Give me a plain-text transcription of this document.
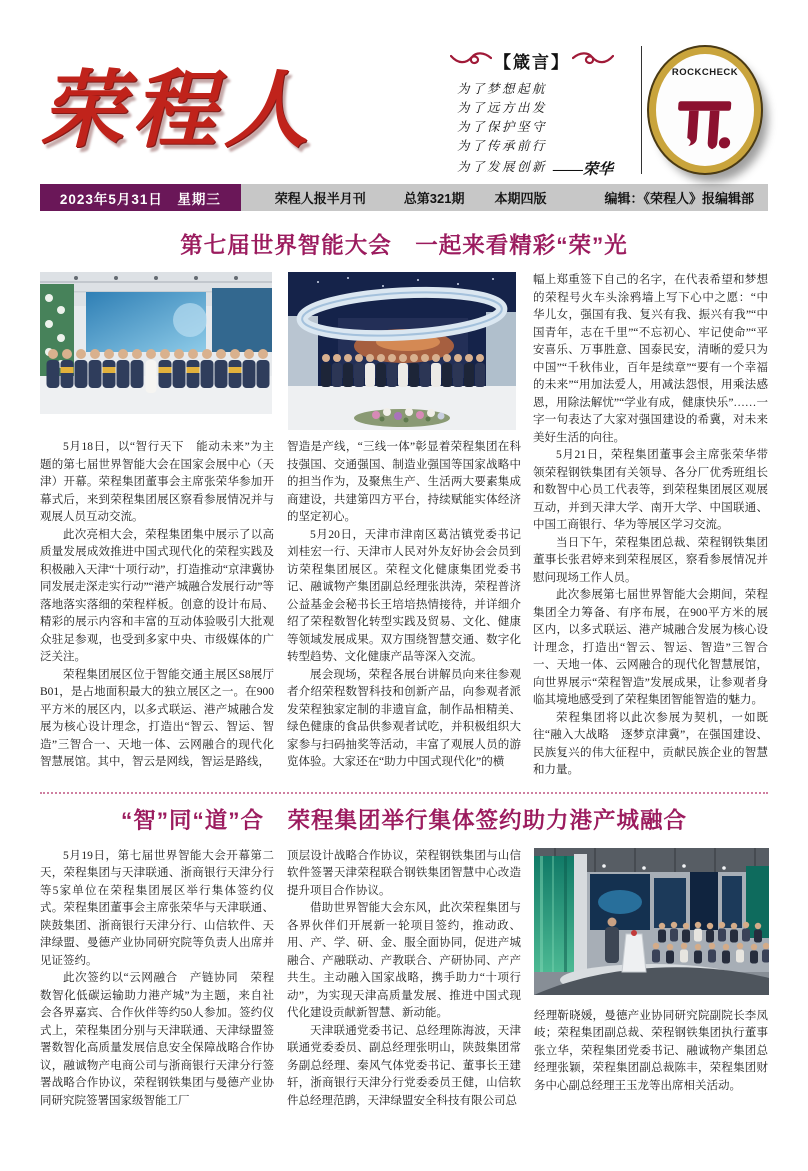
荣程人	【箴言】
为了梦想起航
为了远方出发
为了保护坚守
为了传承前行
为了发展创新 ——荣华
ROCKCHECK
2023年5月31日　星期三	荣程人报半月刊	总第321期 本期四版	编辑：《荣程人》报编辑部
第七届世界智能大会　一起来看精彩“荣”光

5月18日，以“智行天下　能动未来”为主题的第七届世界智能大会在国家会展中心（天津）开幕。荣程集团董事会主席张荣华参加开幕式后，来到荣程集团展区察看参展情况并与观展人员互动交流。

此次亮相大会，荣程集团集中展示了以高质量发展成效推进中国式现代化的荣程实践及积极融入天津“十项行动”，打造推动“京津冀协同发展走深走实行动”“港产城融合发展行动”等落地落实落细的荣程样板。创意的设计布局、精彩的展示内容和丰富的互动体验吸引大批观众驻足参观，也受到多家中央、市级媒体的广泛关注。

荣程集团展区位于智能交通主展区S8展厅B01，是占地面积最大的独立展区之一。在900平方米的展区内，以多式联运、港产城融合发展为核心设计理念，打造出“智云、智运、智造”三智合一、天地一体、云网融合的现代化智慧展馆。其中，智云是网线，智运是路线，

智造是产线，“三线一体”彰显着荣程集团在科技强国、交通强国、制造业强国等国家战略中的担当作为，及聚焦生产、生活两大要素集成商建设，共建第四方平台，持续赋能实体经济的坚定初心。

5月20日，天津市津南区葛沽镇党委书记刘桂宏一行、天津市人民对外友好协会会员到访荣程集团展区。荣程文化健康集团党委书记、融诚物产集团副总经理张洪涛，荣程普济公益基金会秘书长王培培热情接待，并详细介绍了荣程数智化转型实践及贸易、文化、健康等领域发展成果。双方围绕智慧交通、数字化转型趋势、文化健康产品等深入交流。

展会现场，荣程各展台讲解员向来往参观者介绍荣程数智科技和创新产品，向参观者派发荣程独家定制的非遗盲盒，制作品相精美、绿色健康的食品供参观者试吃，并积极组织大家参与扫码抽奖等活动，丰富了观展人员的游览体验。大家还在“助力中国式现代化”的横

幅上郑重签下自己的名字，在代表希望和梦想的荣程号火车头涂鸦墙上写下心中之愿：“中华儿女，强国有我、复兴有我、振兴有我”“中国青年，志在千里”“不忘初心、牢记使命”“平安喜乐、万事胜意、国泰民安，清晰的爱只为中国”“千秋伟业，百年是续章”“要有一个幸福的未来”“用加法爱人，用减法怨恨，用乘法感恩，用除法解忧”“学业有成，健康快乐”……一字一句表达了大家对强国建设的希冀，对未来美好生活的向往。

5月21日，荣程集团董事会主席张荣华带领荣程钢铁集团有关领导、各分厂优秀班组长和数智中心员工代表等，到荣程集团展区观展互动，并到天津大学、南开大学、中国联通、中国工商银行、华为等展区学习交流。

当日下午，荣程集团总裁、荣程钢铁集团董事长张君婷来到荣程展区，察看参展情况并慰问现场工作人员。

此次参展第七届世界智能大会期间，荣程集团全力筹备、有序布展，在900平方米的展区内，以多式联运、港产城融合发展为核心设计理念，打造出“智云、智运、智造”三智合一、天地一体、云网融合的现代化智慧展馆，向世界展示“荣程智造”发展成果，让参观者身临其境地感受到了荣程集团智能智造的魅力。

荣程集团将以此次参展为契机，一如既往“融入大战略　逐梦京津冀”，在强国建设、民族复兴的伟大征程中，贡献民族企业的智慧和力量。

“智”同“道”合　荣程集团举行集体签约助力港产城融合

5月19日，第七届世界智能大会开幕第二天，荣程集团与天津联通、浙商银行天津分行等5家单位在荣程集团展区举行集体签约仪式。荣程集团董事会主席张荣华与天津联通、陕鼓集团、浙商银行天津分行、山信软件、天津绿盟、曼德产业协同研究院等负责人出席并见证签约。

此次签约以“云网融合　产链协同　荣程数智化低碳运输助力港产城”为主题，来自社会各界嘉宾、合作伙伴等约50人参加。签约仪式上，荣程集团分别与天津联通、天津绿盟签署数智化高质量发展信息安全保障战略合作协议，融诚物产电商公司与浙商银行天津分行签署战略合作协议，荣程钢铁集团与曼德产业协同研究院签署国家级智能工厂

顶层设计战略合作协议，荣程钢铁集团与山信软件签署天津荣程联合钢铁集团智慧中心改造提升项目合作协议。

借助世界智能大会东风，此次荣程集团与各界伙伴们开展新一轮项目签约，推动政、用、产、学、研、金、服全面协同，促进产城融合、产融联动、产教联合、产研协同、产产共生。主动融入国家战略，携手助力“十项行动”，为实现天津高质量发展、推进中国式现代化建设贡献新智慧、新动能。

天津联通党委书记、总经理陈海波，天津联通党委委员、副总经理张明山，陕鼓集团常务副总经理、秦风气体党委书记、董事长王建轩，浙商银行天津分行党委委员王健，山信软件总经理范鹍，天津绿盟安全科技有限公司总

经理靳晓媛，曼德产业协同研究院副院长李凤岐；荣程集团副总裁、荣程钢铁集团执行董事张立华，荣程集团党委书记、融诚物产集团总经理张颖，荣程集团副总裁陈丰，荣程集团财务中心副总经理王玉龙等出席相关活动。
